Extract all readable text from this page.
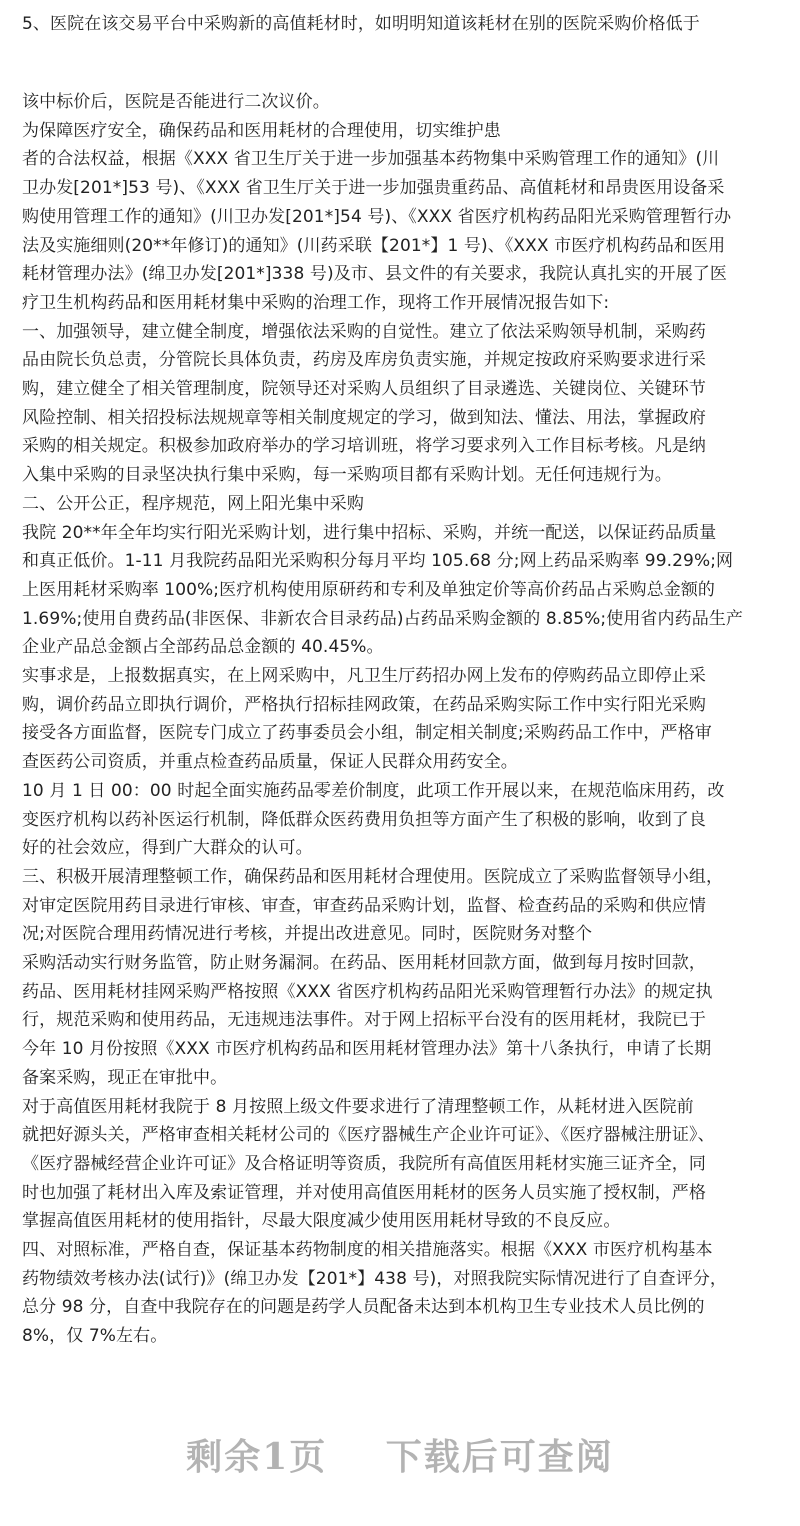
5、医院在该交易平台中采购新的高值耗材时，如明明知道该耗材在别的医院采购价格低于
该中标价后，医院是否能进行二次议价。
为保障医疗安全，确保药品和医用耗材的合理使用，切实维护患
者的合法权益，根据《XXX 省卫生厅关于进一步加强基本药物集中采购管理工作的通知》(川
卫办发[201*]53 号)、《XXX 省卫生厅关于进一步加强贵重药品、高值耗材和昂贵医用设备采
购使用管理工作的通知》(川卫办发[201*]54 号)、《XXX 省医疗机构药品阳光采购管理暂行办
法及实施细则(20**年修订)的通知》(川药采联【201*】1 号)、《XXX 市医疗机构药品和医用
耗材管理办法》(绵卫办发[201*]338 号)及市、县文件的有关要求，我院认真扎实的开展了医
疗卫生机构药品和医用耗材集中采购的治理工作，现将工作开展情况报告如下:
一、加强领导，建立健全制度，增强依法采购的自觉性。建立了依法采购领导机制，采购药
品由院长负总责，分管院长具体负责，药房及库房负责实施，并规定按政府采购要求进行采
购，建立健全了相关管理制度，院领导还对采购人员组织了目录遴选、关键岗位、关键环节
风险控制、相关招投标法规规章等相关制度规定的学习，做到知法、懂法、用法，掌握政府
采购的相关规定。积极参加政府举办的学习培训班，将学习要求列入工作目标考核。凡是纳
入集中采购的目录坚决执行集中采购，每一采购项目都有采购计划。无任何违规行为。
二、公开公正，程序规范，网上阳光集中采购
我院 20**年全年均实行阳光采购计划，进行集中招标、采购，并统一配送，以保证药品质量
和真正低价。1-11 月我院药品阳光采购积分每月平均 105.68 分;网上药品采购率 99.29%;网
上医用耗材采购率 100%;医疗机构使用原研药和专利及单独定价等高价药品占采购总金额的
1.69%;使用自费药品(非医保、非新农合目录药品)占药品采购金额的 8.85%;使用省内药品生产
企业产品总金额占全部药品总金额的 40.45%。
实事求是，上报数据真实，在上网采购中，凡卫生厅药招办网上发布的停购药品立即停止采
购，调价药品立即执行调价，严格执行招标挂网政策，在药品采购实际工作中实行阳光采购
接受各方面监督，医院专门成立了药事委员会小组，制定相关制度;采购药品工作中，严格审
查医药公司资质，并重点检查药品质量，保证人民群众用药安全。
10 月 1 日 00：00 时起全面实施药品零差价制度，此项工作开展以来，在规范临床用药，改
变医疗机构以药补医运行机制，降低群众医药费用负担等方面产生了积极的影响，收到了良
好的社会效应，得到广大群众的认可。
三、积极开展清理整顿工作，确保药品和医用耗材合理使用。医院成立了采购监督领导小组，
对审定医院用药目录进行审核、审查，审查药品采购计划，监督、检查药品的采购和供应情
况;对医院合理用药情况进行考核，并提出改进意见。同时，医院财务对整个
采购活动实行财务监管，防止财务漏洞。在药品、医用耗材回款方面，做到每月按时回款，
药品、医用耗材挂网采购严格按照《XXX 省医疗机构药品阳光采购管理暂行办法》的规定执
行，规范采购和使用药品，无违规违法事件。对于网上招标平台没有的医用耗材，我院已于
今年 10 月份按照《XXX 市医疗机构药品和医用耗材管理办法》第十八条执行，申请了长期
备案采购，现正在审批中。
对于高值医用耗材我院于 8 月按照上级文件要求进行了清理整顿工作，从耗材进入医院前
就把好源头关，严格审查相关耗材公司的《医疗器械生产企业许可证》、《医疗器械注册证》、
《医疗器械经营企业许可证》及合格证明等资质，我院所有高值医用耗材实施三证齐全，同
时也加强了耗材出入库及索证管理，并对使用高值医用耗材的医务人员实施了授权制，严格
掌握高值医用耗材的使用指针，尽最大限度减少使用医用耗材导致的不良反应。
四、对照标准，严格自查，保证基本药物制度的相关措施落实。根据《XXX 市医疗机构基本
药物绩效考核办法(试行)》(绵卫办发【201*】438 号)，对照我院实际情况进行了自查评分，
总分 98 分，自查中我院存在的问题是药学人员配备未达到本机构卫生专业技术人员比例的
8%，仅 7%左右。
剩余1页 下载后可查阅
